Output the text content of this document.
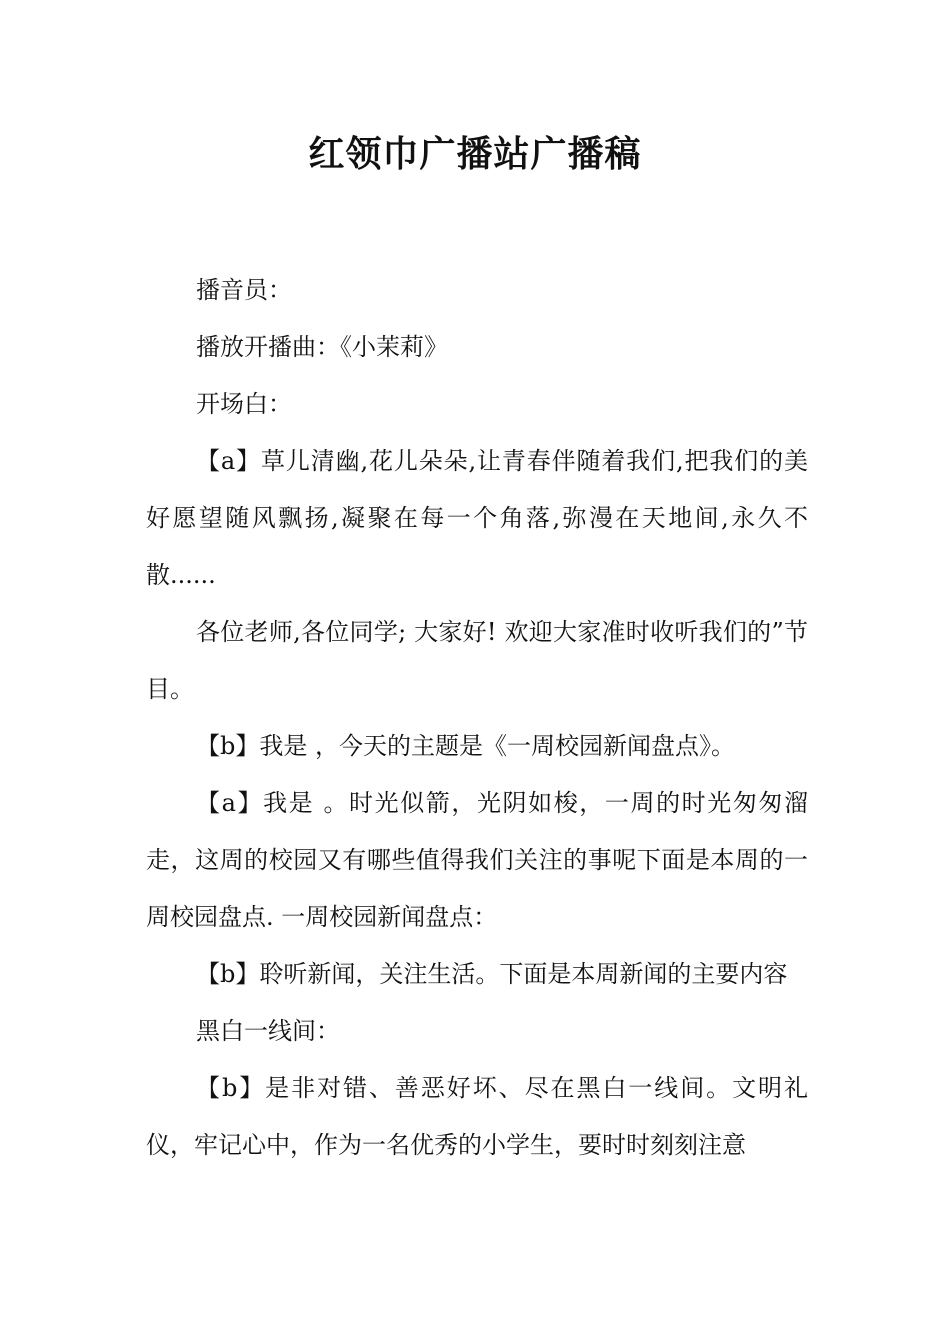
红领巾广播站广播稿

播音员：

播放开播曲：《小茉莉》

开场白：

【a】草儿清幽,花儿朵朵,让青春伴随着我们,把我们的美好愿望随风飘扬,凝聚在每一个角落,弥漫在天地间,永久不散......

各位老师,各位同学; 大家好! 欢迎大家准时收听我们的”节目。

【b】我是 ，今天的主题是《一周校园新闻盘点》。

【a】我是 。时光似箭，光阴如梭，一周的时光匆匆溜走，这周的校园又有哪些值得我们关注的事呢下面是本周的一周校园盘点. 一周校园新闻盘点：

【b】聆听新闻，关注生活。下面是本周新闻的主要内容

黑白一线间：

【b】是非对错、善恶好坏、尽在黑白一线间。文明礼仪，牢记心中，作为一名优秀的小学生，要时时刻刻注意
